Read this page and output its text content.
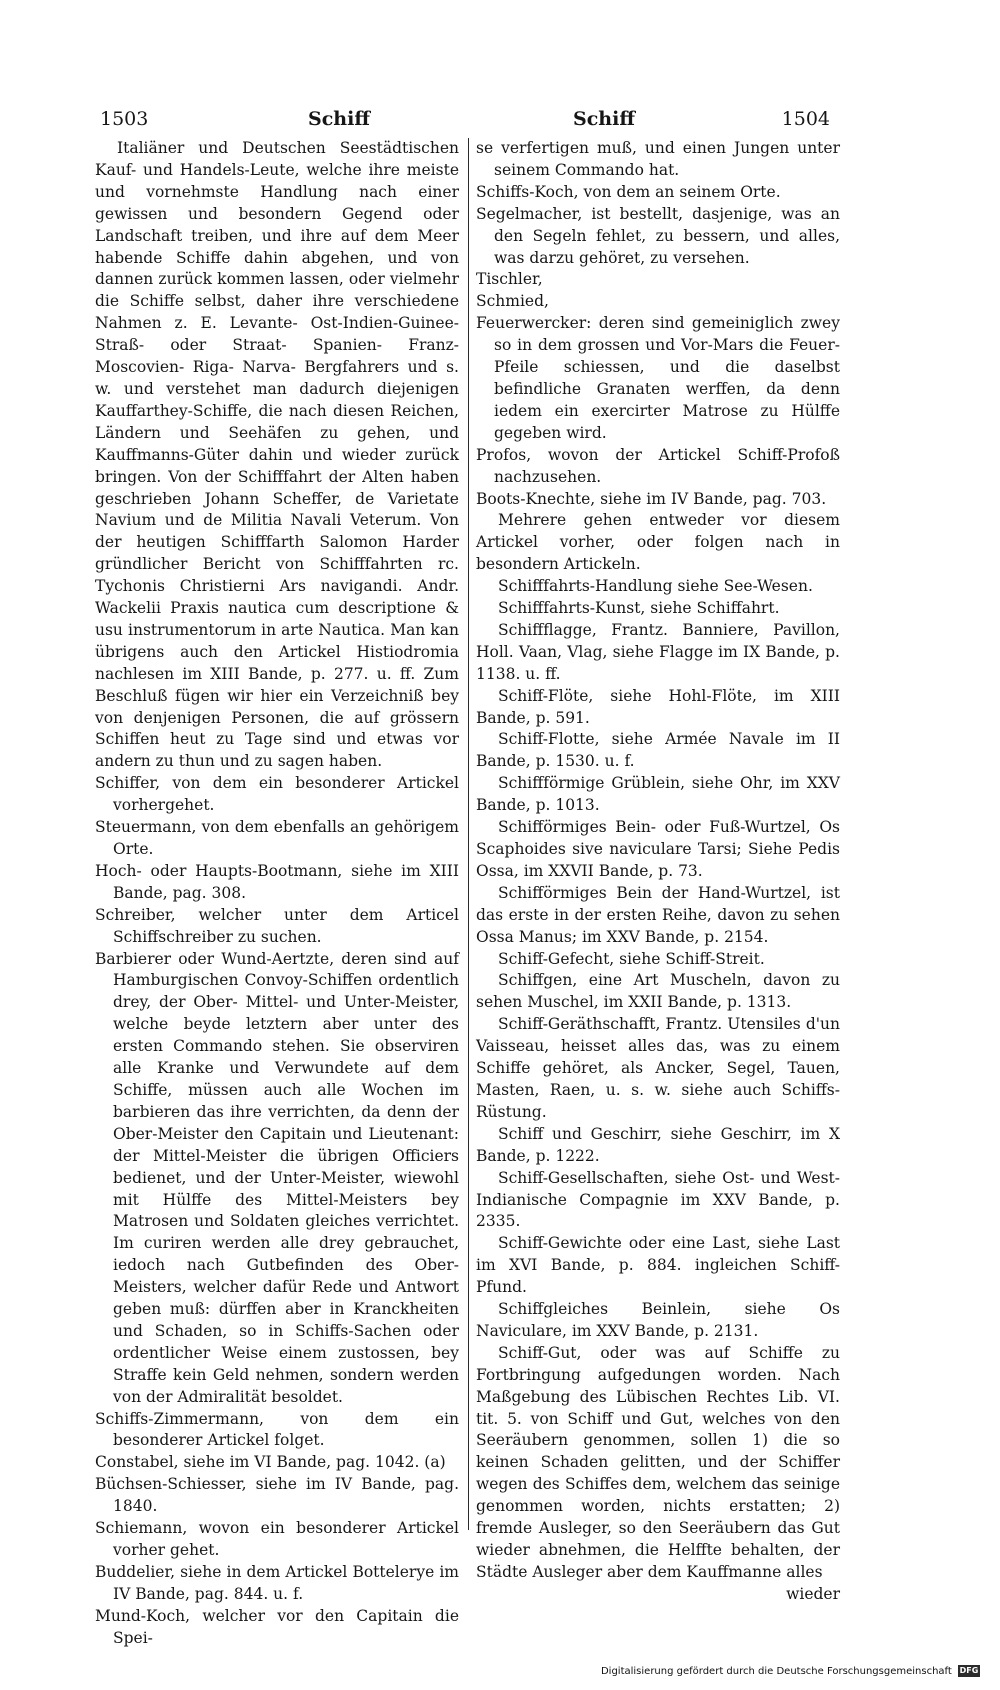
1503	Schiff	Schiff	1504

Italiäner und Deutschen Seestädtischen Kauf- und Handels-Leute, welche ihre meiste und vornehmste Handlung nach einer gewissen und besondern Gegend oder Landschaft treiben, und ihre auf dem Meer habende Schiffe dahin abgehen, und von dannen zurück kommen lassen, oder vielmehr die Schiffe selbst, daher ihre verschiedene Nahmen z. E. Levante- Ost-Indien-Guinee-Straß- oder Straat- Spanien- Franz- Moscovien- Riga- Narva- Bergfahrers und s. w. und verstehet man dadurch diejenigen Kauffarthey-Schiffe, die nach diesen Reichen, Ländern und Seehäfen zu gehen, und Kauffmanns-Güter dahin und wieder zurück bringen. Von der Schifffahrt der Alten haben geschrieben Johann Scheffer, de Varietate Navium und de Militia Navali Veterum. Von der heutigen Schifffarth Salomon Harder gründlicher Bericht von Schifffahrten rc. Tychonis Christierni Ars navigandi. Andr. Wackelii Praxis nautica cum descriptione & usu instrumentorum in arte Nautica. Man kan übrigens auch den Artickel Histiodromia nachlesen im XIII Bande, p. 277. u. ff. Zum Beschluß fügen wir hier ein Verzeichniß bey von denjenigen Personen, die auf grössern Schiffen heut zu Tage sind und etwas vor andern zu thun und zu sagen haben.

Schiffer, von dem ein besonderer Artickel vorhergehet.

Steuermann, von dem ebenfalls an gehörigem Orte.

Hoch- oder Haupts-Bootmann, siehe im XIII Bande, pag. 308.

Schreiber, welcher unter dem Articel Schiffschreiber zu suchen.

Barbierer oder Wund-Aertzte, deren sind auf Hamburgischen Convoy-Schiffen ordentlich drey, der Ober- Mittel- und Unter-Meister, welche beyde letztern aber unter des ersten Commando stehen. Sie observiren alle Kranke und Verwundete auf dem Schiffe, müssen auch alle Wochen im barbieren das ihre verrichten, da denn der Ober-Meister den Capitain und Lieutenant: der Mittel-Meister die übrigen Officiers bedienet, und der Unter-Meister, wiewohl mit Hülffe des Mittel-Meisters bey Matrosen und Soldaten gleiches verrichtet. Im curiren werden alle drey gebrauchet, iedoch nach Gutbefinden des Ober-Meisters, welcher dafür Rede und Antwort geben muß: dürffen aber in Kranckheiten und Schaden, so in Schiffs-Sachen oder ordentlicher Weise einem zustossen, bey Straffe kein Geld nehmen, sondern werden von der Admiralität besoldet.

Schiffs-Zimmermann, von dem ein besonderer Artickel folget.

Constabel, siehe im VI Bande, pag. 1042. (a)

Büchsen-Schiesser, siehe im IV Bande, pag. 1840.

Schiemann, wovon ein besonderer Artickel vorher gehet.

Buddelier, siehe in dem Artickel Bottelerye im IV Bande, pag. 844. u. f.

Mund-Koch, welcher vor den Capitain die Spei-

se verfertigen muß, und einen Jungen unter seinem Commando hat.

Schiffs-Koch, von dem an seinem Orte.

Segelmacher, ist bestellt, dasjenige, was an den Segeln fehlet, zu bessern, und alles, was darzu gehöret, zu versehen.

Tischler,

Schmied,

Feuerwercker: deren sind gemeiniglich zwey so in dem grossen und Vor-Mars die Feuer-Pfeile schiessen, und die daselbst befindliche Granaten werffen, da denn iedem ein exercirter Matrose zu Hülffe gegeben wird.

Profos, wovon der Artickel Schiff-Profoß nachzusehen.

Boots-Knechte, siehe im IV Bande, pag. 703.

Mehrere gehen entweder vor diesem Artickel vorher, oder folgen nach in besondern Artickeln.

Schifffahrts-Handlung siehe See-Wesen.

Schifffahrts-Kunst, siehe Schiffahrt.

Schiffflagge, Frantz. Banniere, Pavillon, Holl. Vaan, Vlag, siehe Flagge im IX Bande, p. 1138. u. ff.

Schiff-Flöte, siehe Hohl-Flöte, im XIII Bande, p. 591.

Schiff-Flotte, siehe Armée Navale im II Bande, p. 1530. u. f.

Schiffförmige Grüblein, siehe Ohr, im XXV Bande, p. 1013.

Schifförmiges Bein- oder Fuß-Wurtzel, Os Scaphoides sive naviculare Tarsi; Siehe Pedis Ossa, im XXVII Bande, p. 73.

Schifförmiges Bein der Hand-Wurtzel, ist das erste in der ersten Reihe, davon zu sehen Ossa Manus; im XXV Bande, p. 2154.

Schiff-Gefecht, siehe Schiff-Streit.

Schiffgen, eine Art Muscheln, davon zu sehen Muschel, im XXII Bande, p. 1313.

Schiff-Geräthschafft, Frantz. Utensiles d'un Vaisseau, heisset alles das, was zu einem Schiffe gehöret, als Ancker, Segel, Tauen, Masten, Raen, u. s. w. siehe auch Schiffs-Rüstung.

Schiff und Geschirr, siehe Geschirr, im X Bande, p. 1222.

Schiff-Gesellschaften, siehe Ost- und West-Indianische Compagnie im XXV Bande, p. 2335.

Schiff-Gewichte oder eine Last, siehe Last im XVI Bande, p. 884. ingleichen Schiff-Pfund.

Schiffgleiches Beinlein, siehe Os Naviculare, im XXV Bande, p. 2131.

Schiff-Gut, oder was auf Schiffe zu Fortbringung aufgedungen worden. Nach Maßgebung des Lübischen Rechtes Lib. VI. tit. 5. von Schiff und Gut, welches von den Seeräubern genommen, sollen 1) die so keinen Schaden gelitten, und der Schiffer wegen des Schiffes dem, welchem das seinige genommen worden, nichts erstatten; 2) fremde Ausleger, so den Seeräubern das Gut wieder abnehmen, die Helffte behalten, der Städte Ausleger aber dem Kauffmanne alles

wieder

Digitalisierung gefördert durch die Deutsche Forschungsgemeinschaft DFG
